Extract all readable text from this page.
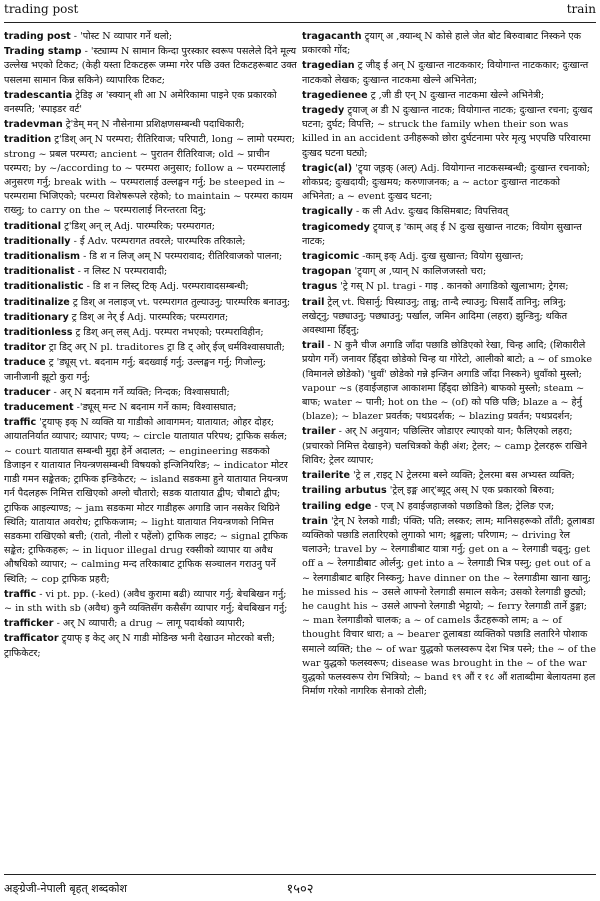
trading post	train
trading post - 'पोस्ट N व्यापार गर्ने थलो;
Trading stamp - 'स्ट्याम्प N सामान किन्दा पुरस्कार स्वरूप पसलेले दिने मूल्य उल्लेख भएको टिकट; (केही यस्ता टिकटहरू जम्मा गरेर पछि उक्त टिकटहरूबाट उक्त पसलमा सामान किन्न सकिने) व्यापारिक टिकट;
tradescantia ट्रेडिइ अ 'स्क्यान् शी आ N अमेरिकामा पाइने एक प्रकारको वनस्पति; 'स्पाइडर वर्ट'
tradevman ट्रे'डेम् मन् N नौसेनामा प्रशिक्षणसम्बन्धी पदाधिकारी;
tradition ट्र'डिश् अन् N परम्परा; रीतिरिवाज; परिपाटी, long ~ लामो परम्परा; strong ~ प्रबल परम्परा; ancient ~ पुरातन रीतिरिवाज; old ~ प्राचीन परम्परा; by ~/according to ~ परम्परा अनुसार; follow a ~ परम्परालाई अनुसरण गर्नु; break with ~ परम्परालाई उल्लङ्घन गर्नु; be steeped in ~ परम्परामा भिजिएको; परम्परा विशेषरूपले रहेको; to maintain ~ परम्परा कायम राख्नु; to carry on the ~ परम्परालाई निरन्तरता दिनु;
traditional ट्र'डिश् अन् ल् Adj. पारम्परिक; परम्परागत;
traditionally - ई Adv. परम्परागत तवरले; पारम्परिक तरिकाले;
traditionalism - डि श न लिज् अम् N परम्परावाद; रीतिरिवाजको पालना;
traditionalist - न लिस्ट N परम्परावादी;
traditionalistic - डि श न लिस्ट् टिक् Adj. परम्परावादसम्बन्धी;
traditinalize ट्र डिश् अ नलाइज् vt. परम्परागत तुल्याउनु; पारम्परिक बनाउनु;
traditionary ट्र डिश् अ नेर् ई Adj. पारम्परिक; परम्परागत;
traditionless ट्र डिश् अन् लस् Adj. परम्परा नभएको; परम्पराविहीन;
traditor ट्रा डिट् अर् N pl. traditores ट्रा डि ट् ओर् ईज् धर्मविश्वासघाती;
traduce ट्र 'ड्यूस् vt. बदनाम गर्नु; बदख्वाई गर्नु; उल्लङ्घन गर्नु; गिजोल्नु; जानीजानी झूटो कुरा गर्नु;
traducer - अर् N बदनाम गर्ने व्यक्ति; निन्दक; विश्वासघाती;
traducement -'ड्यूस् मन्ट N बदनाम गर्ने काम; विश्वासघात;
traffic 'ट्र्याफ् इक् N व्यक्ति या गाडीको आवागमन; यातायात; ओहर दोहर; आयातनिर्यात व्यापार; व्यापार; पण्य; ~ circle यातायात परिपथ; ट्राफिक सर्कल; ~ court यातायात सम्बन्धी मुद्दा हेर्ने अदालत; ~ engineering सडकको डिजाइन र यातायात नियन्त्रणसम्बन्धी विषयको इन्जिनियरिङ; ~ indicator मोटर गाडी गमन सङ्केतक; ट्राफिक इन्डिकेटर; ~ island सडकमा हुने यातायात नियन्त्रण गर्न पैदलहरू निमित्त राखिएको अग्लो चौतारो; सडक यातायात द्वीप; चौबाटो द्वीप; ट्राफिक आइल्याण्ड; ~ jam सडकमा मोटर गाडीहरू अगाडि जान नसकेर थिग्रिने स्थिति; यातायात अवरोध; ट्राफिकजाम; ~ light यातायात नियन्त्रणको निमित्त सडकमा राखिएको बत्ती; (रातो, नीलो र पहेंलो) ट्राफिक लाइट; ~ signal ट्राफिक सङ्केत; ट्राफिकहरू; ~ in liquor illegal drug रक्सीको व्यापार या अवैध औषधिको व्यापार; ~ calming मन्द तरिकाबाट ट्राफिक सञ्चालन गराउनु पर्ने स्थिति; ~ cop ट्राफिक प्रहरी;
traffic - vi pt. pp. (-ked) (अवैध कुरामा बढी) व्यापार गर्नु; बेचबिखन गर्नु; ~ in sth with sb (अवैध) कुनै व्यक्तिसँग कसैसँग व्यापार गर्नु; बेचबिखन गर्नु;
trafficker - अर् N व्यापारी; a drug ~ लागू पदार्थको व्यापारी;
trafficator ट्र्याफ् इ केट् अर् N गाडी मोडिन्छ भनी देखाउन मोटरको बत्ती; ट्राफिकेटर;
tragacanth ट्र्याग् अ ,क्यान्थ् N कोसे हाले जेत बोट बिरुवाबाट निस्कने एक प्रकारको गोंद;
tragedian ट्र जीड् ई अन् N दुःखान्त नाटककार; वियोगान्त नाटककार; दुःखान्त नाटकको लेखक; दुःखान्त नाटकमा खेल्ने अभिनेता;
tragedienee ट्र ,जी डी एन् N दुःखान्त नाटकमा खेल्ने अभिनेत्री;
tragedy ट्र्याज् अ डी N दुःखान्त नाटक; वियोगान्त नाटक; दुःखान्त रचना; दुःखद घटना; दुर्घट; विपत्ति; ~ struck the family when their son was killed in an accident उनीहरूको छोरा दुर्घटनामा परेर मृत्यु भएपछि परिवारमा दुःखद घटना घट्यो;
tragic(al) 'ट्र्या ज्इक् (अल्) Adj. वियोगान्त नाटकसम्बन्धी; दुःखान्त रचनाको; शोकप्रद; दुःखदायी; दुःखमय; करुणाजनक; a ~ actor दुःखान्त नाटकको अभिनेता; a ~ event दुःखद घटना;
tragically - क ली Adv. दुःखद किसिमबाट; विपत्तिवत्
tragicomedy ट्र्याज् इ 'काम् अड् ई N दुःख सुखान्त नाटक; वियोग सुखान्त नाटक;
tragicomic -काम् इक् Adj. दुःख सुखान्त; वियोग सुखान्त;
tragopan 'ट्र्याग् अ ,प्यान् N कालिजजस्तो चरा;
tragus 'ट्रे गस् N pl. tragi - गाइ . कानको अगाडिको खुलाभाग; ट्रेगस;
trail ट्रेल् vt. घिसार्नु; घिस्याउनु; तान्नु; तान्दै ल्याउनु; घिसार्दै तानिनु; लत्रिनु; लखेट्नु; पछ्याउनु; पछ्याउनु; पर्खाल, जमिन आदिमा (लहरा) झुन्डिनु; थकित अवस्थामा हिँड्नु;
trail - N कुनै चीज अगाडि जाँदा पछाडि छोडिएको रेखा, चिन्ह आदि; (शिकारीले प्रयोग गर्ने) जनावर हिँड्दा छोडेको चिन्ह या गोरेटो, आलीको बाटो; a ~ of smoke (विमानले छोडेको) 'धुवाँ' छोडेको गन्ने इन्जिन अगाडि जाँदा निस्कने) धुवाँको मुस्लो; vapour ~s (हवाईजहाज आकाशमा हिँड्दा छोडिने) बाफको मुस्लो; steam ~ बाफ; water ~ पानी; hot on the ~ (of) को पछि पछि; blaze a ~ हेर्नु (blaze); ~ blazer प्रवर्तक; पथप्रदर्शक; ~ blazing प्रवर्तन; पथप्रदर्शन;
trailer - अर् N अनुयान; पछिल्तिर जोडाएर ल्याएको यान; फैलिएको लहरा; (प्रचारको निमित्त देखाइने) चलचित्रको केही अंश; ट्रेलर; ~ camp ट्रेलरहरू राखिने शिविर; ट्रेलर व्यापार;
trailerite 'ट्रे ल ,राइट् N ट्रेलरमा बस्ने व्यक्ति; ट्रेलरमा बस अभ्यस्त व्यक्ति;
trailing arbutus 'ट्रेल् इङ्म आर्'ब्यूट् अस् N एक प्रकारको बिरुवा;
trailing edge - एज् N हवाईजहाजको पछाडिको डिल; ट्रेलिङ एज;
train 'ट्रेन् N रेलको गाडी; पंक्ति; पति; लस्कर; लाम; मानिसहरूको ताँती; ठूलाबडा व्यक्तिको पछाडि लतारिएको लुगाको भाग; श्रृङ्खला; परिणाम; ~ driving रेल चलाउने; travel by ~ रेलगाडीबाट यात्रा गर्नु; get on a ~ रेलगाडी चढ्नु; get off a ~ रेलगाडीबाट ओर्लनु; get into a ~ रेलगाडी भित्र पस्नु; get out of a ~ रेलगाडीबाट बाहिर निस्कनु; have dinner on the ~ रेलगाडीमा खाना खानु; he missed his ~ उसले आफ्नो रेलगाडी समात्न सकेन; उसको रेलगाडी छुट्यो; he caught his ~ उसले आफ्नो रेलगाडी भेट्टायो; ~ ferry रेलगाडी तार्ने डुङ्गा; ~ man रेलगाडीको चालक; a ~ of camels ऊँटहरूको लाम; a ~ of thought विचार धारा; a ~ bearer ठूलाबडा व्यक्तिको पछाडि लतारिने पोशाक समात्ने व्यक्ति; the ~ of war युद्धको फलस्वरूप देश भित्र पस्ने; the ~ of the war युद्धको फलस्वरूप; disease was brought in the ~ of the war युद्धको फलस्वरूप रोग भित्रियो; ~ band १९ औं र १८ औं शताब्दीमा बेलायतमा हल निर्माण गरेको नागरिक सेनाको टोली;
अङ्ग्रेजी-नेपाली बृहत् शब्दकोश	१५०२
